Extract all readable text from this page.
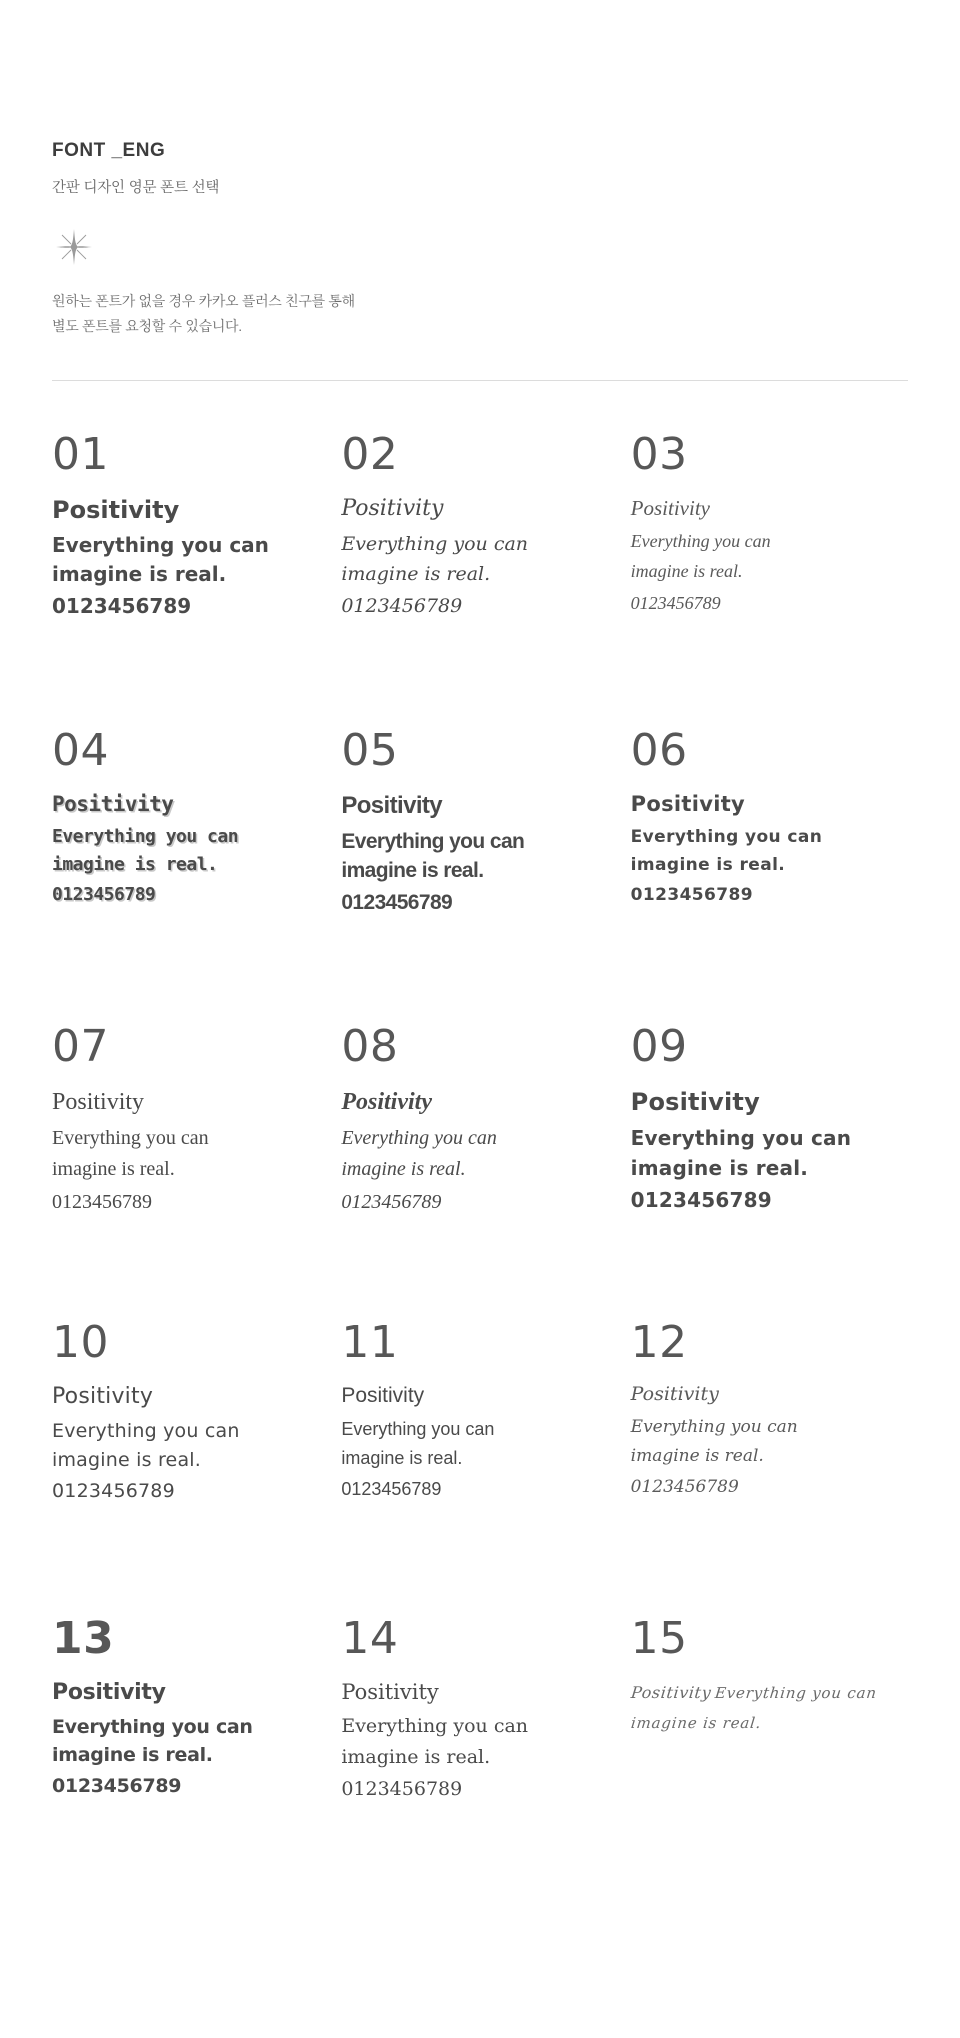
FONT _ENG

간판 디자인 영문 폰트 선택

원하는 폰트가 없을 경우 카카오 플러스 친구를 통해
별도 폰트를 요청할 수 있습니다.

01
Positivity
Everything you can
imagine is real.
0123456789
02
Positivity
Everything you can
imagine is real.
0123456789
03
Positivity
Everything you can
imagine is real.
0123456789
04
Positivity
Everything you can
imagine is real.
0123456789
05
Positivity
Everything you can
imagine is real.
0123456789
06
Positivity
Everything you can
imagine is real.
0123456789
07
Positivity
Everything you can
imagine is real.
0123456789
08
Positivity
Everything you can
imagine is real.
0123456789
09
Positivity
Everything you can
imagine is real.
0123456789
10
Positivity
Everything you can
imagine is real.
0123456789
11
Positivity
Everything you can
imagine is real.
0123456789
12
Positivity
Everything you can
imagine is real.
0123456789
13
Positivity
Everything you can
imagine is real.
0123456789
14
Positivity
Everything you can
imagine is real.
0123456789
15
Positivity Everything you can imagine is real.
